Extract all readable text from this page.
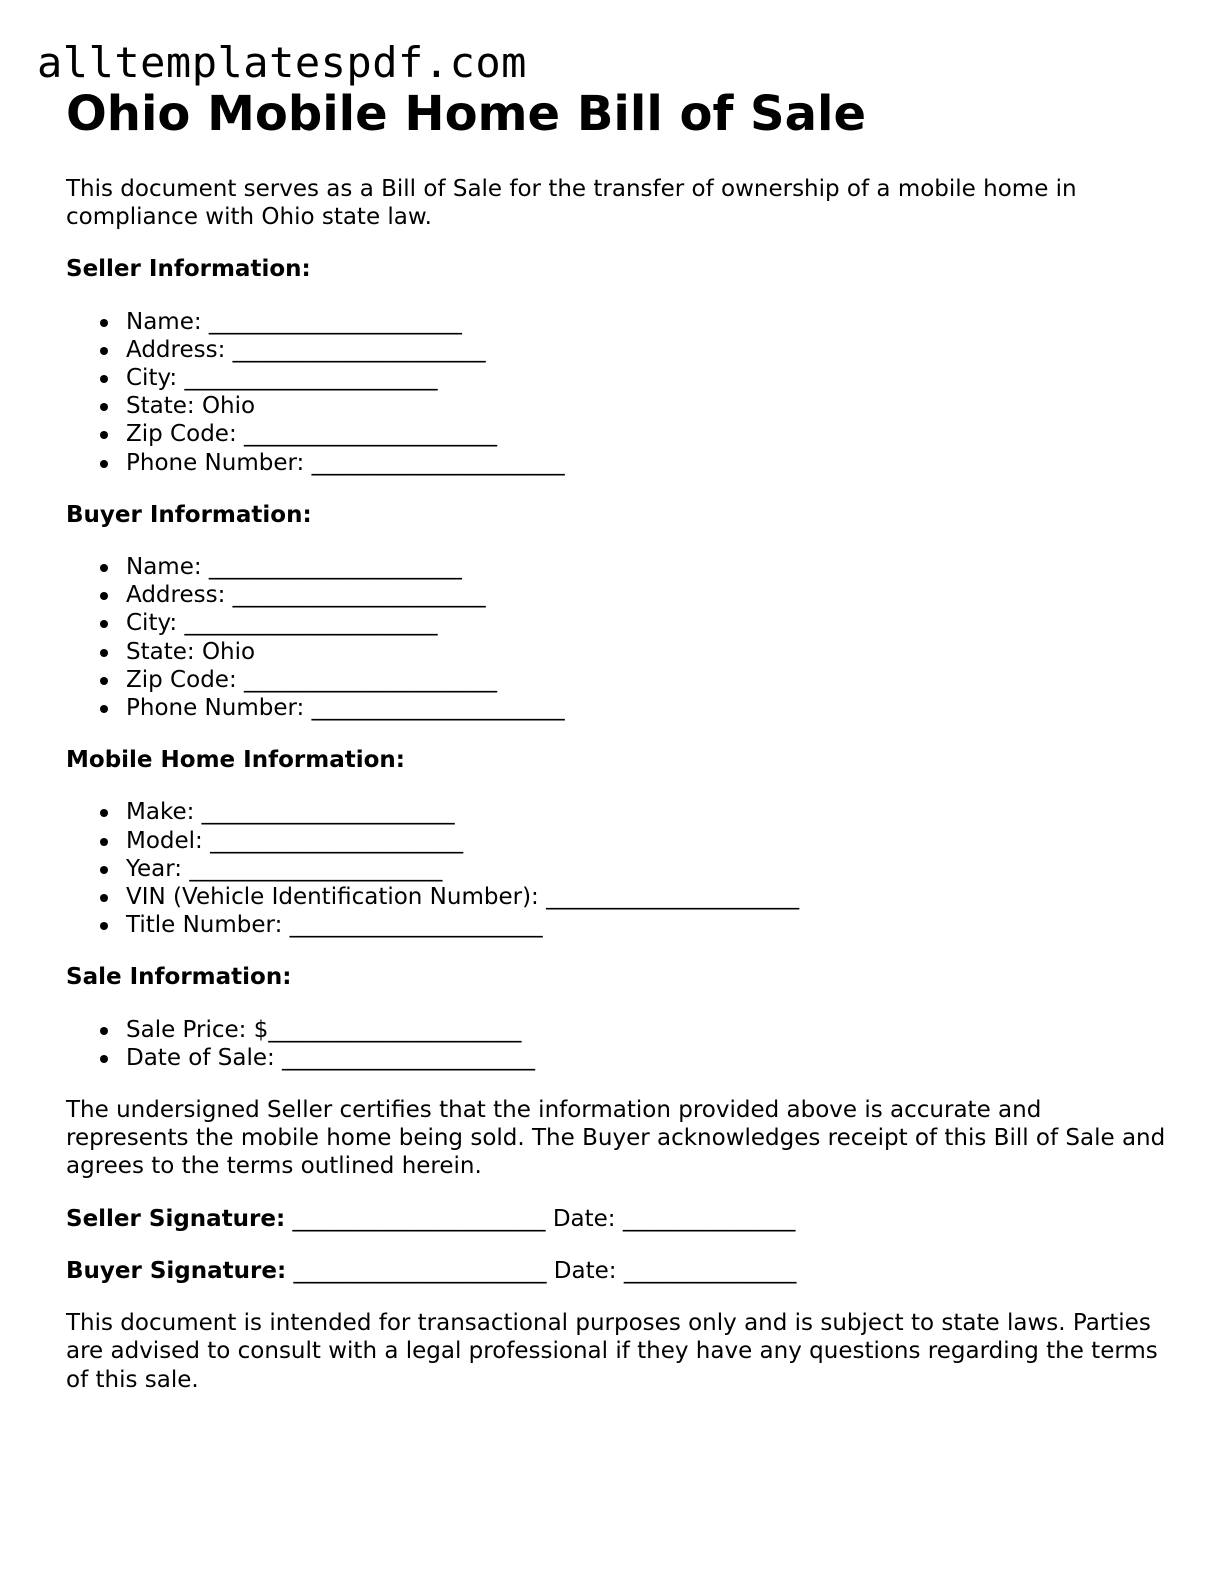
alltemplatespdf.com
Ohio Mobile Home Bill of Sale

This document serves as a Bill of Sale for the transfer of ownership of a mobile home in compliance with Ohio state law.

Seller Information:

Name: ______________________
Address: ______________________
City: ______________________
State: Ohio
Zip Code: ______________________
Phone Number: ______________________

Buyer Information:

Name: ______________________
Address: ______________________
City: ______________________
State: Ohio
Zip Code: ______________________
Phone Number: ______________________

Mobile Home Information:

Make: ______________________
Model: ______________________
Year: ______________________
VIN (Vehicle Identification Number): ______________________
Title Number: ______________________

Sale Information:

Sale Price: $______________________
Date of Sale: ______________________

The undersigned Seller certifies that the information provided above is accurate and represents the mobile home being sold. The Buyer acknowledges receipt of this Bill of Sale and agrees to the terms outlined herein.

Seller Signature: ______________________ Date: _______________

Buyer Signature: ______________________ Date: _______________

This document is intended for transactional purposes only and is subject to state laws. Parties are advised to consult with a legal professional if they have any questions regarding the terms of this sale.
